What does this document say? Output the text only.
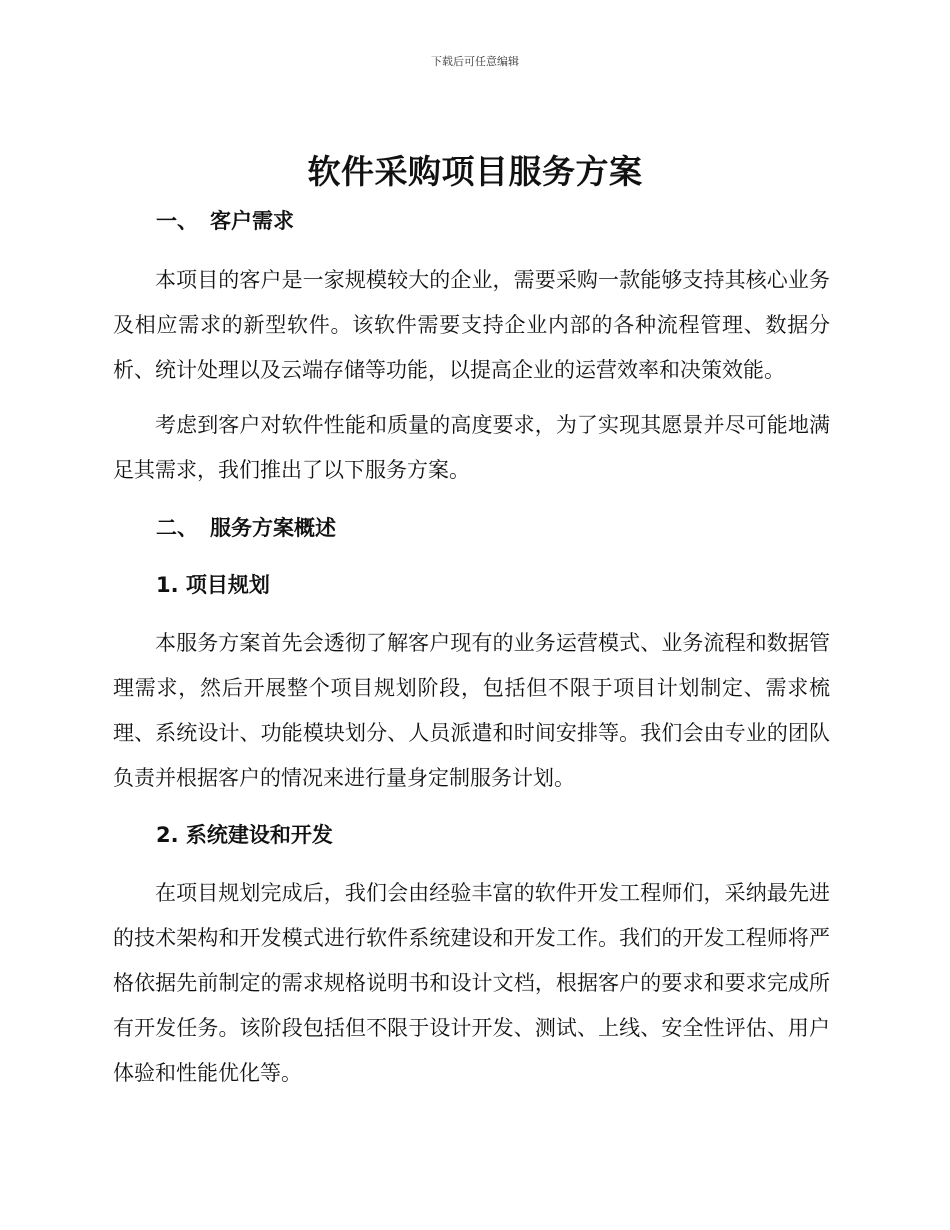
下载后可任意编辑
软件采购项目服务方案
一、 客户需求

本项目的客户是一家规模较大的企业，需要采购一款能够支持其核心业务及相应需求的新型软件。该软件需要支持企业内部的各种流程管理、数据分析、统计处理以及云端存储等功能，以提高企业的运营效率和决策效能。

考虑到客户对软件性能和质量的高度要求，为了实现其愿景并尽可能地满足其需求，我们推出了以下服务方案。

二、 服务方案概述
1. 项目规划

本服务方案首先会透彻了解客户现有的业务运营模式、业务流程和数据管理需求，然后开展整个项目规划阶段，包括但不限于项目计划制定、需求梳理、系统设计、功能模块划分、人员派遣和时间安排等。我们会由专业的团队负责并根据客户的情况来进行量身定制服务计划。

2. 系统建设和开发

在项目规划完成后，我们会由经验丰富的软件开发工程师们，采纳最先进的技术架构和开发模式进行软件系统建设和开发工作。我们的开发工程师将严格依据先前制定的需求规格说明书和设计文档，根据客户的要求和要求完成所有开发任务。该阶段包括但不限于设计开发、测试、上线、安全性评估、用户体验和性能优化等。
